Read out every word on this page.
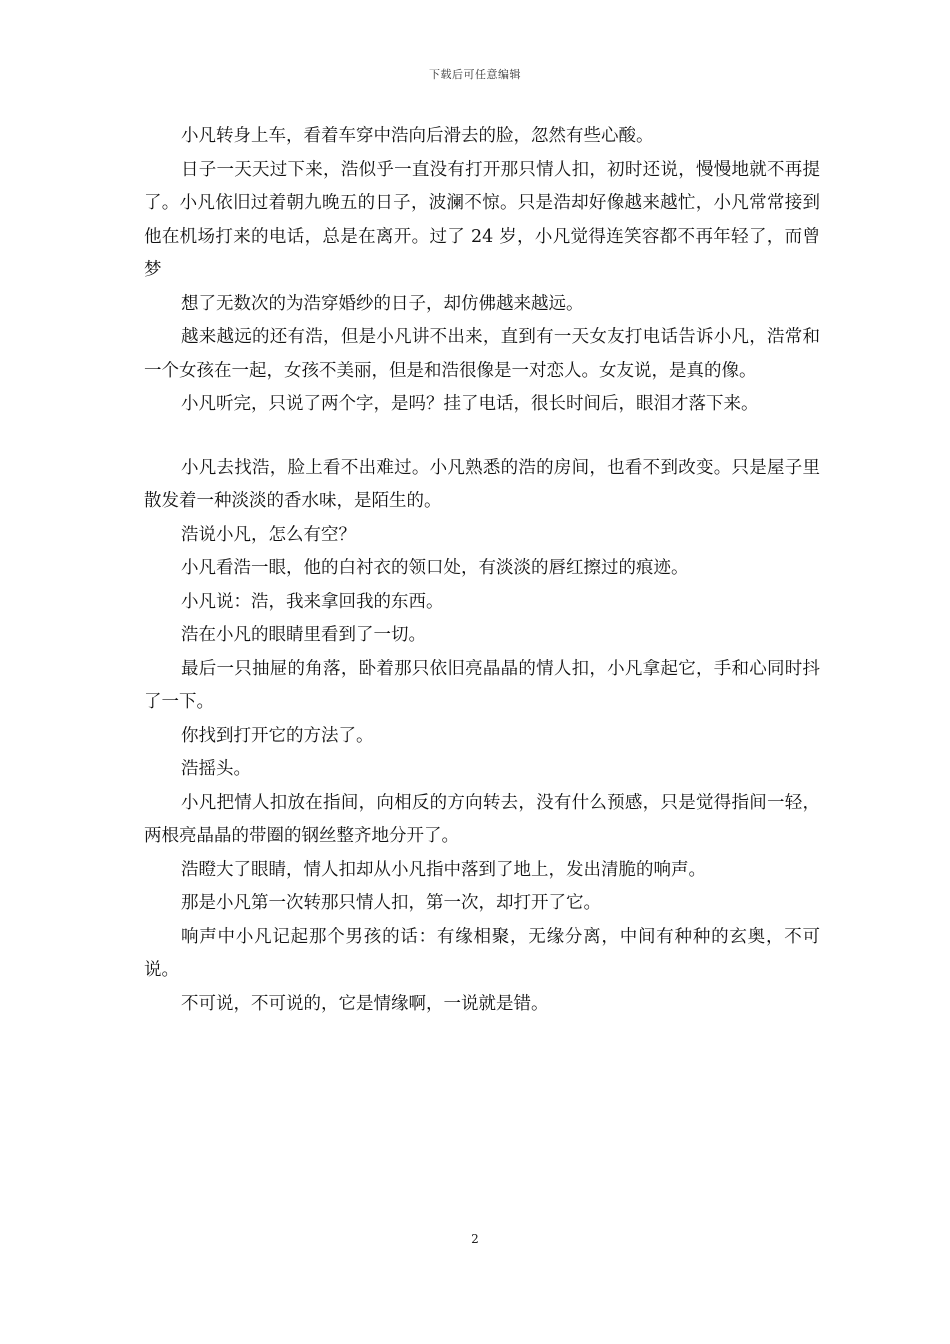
下载后可任意编辑

小凡转身上车，看着车穿中浩向后滑去的脸，忽然有些心酸。

日子一天天过下来，浩似乎一直没有打开那只情人扣，初时还说，慢慢地就不再提了。小凡依旧过着朝九晚五的日子，波澜不惊。只是浩却好像越来越忙，小凡常常接到他在机场打来的电话，总是在离开。过了 24 岁，小凡觉得连笑容都不再年轻了，而曾梦

想了无数次的为浩穿婚纱的日子，却仿佛越来越远。

越来越远的还有浩，但是小凡讲不出来，直到有一天女友打电话告诉小凡，浩常和一个女孩在一起，女孩不美丽，但是和浩很像是一对恋人。女友说，是真的像。

小凡听完，只说了两个字，是吗？挂了电话，很长时间后，眼泪才落下来。

小凡去找浩，脸上看不出难过。小凡熟悉的浩的房间，也看不到改变。只是屋子里散发着一种淡淡的香水味，是陌生的。

浩说小凡，怎么有空？

小凡看浩一眼，他的白衬衣的领口处，有淡淡的唇红擦过的痕迹。

小凡说：浩，我来拿回我的东西。

浩在小凡的眼睛里看到了一切。

最后一只抽屉的角落，卧着那只依旧亮晶晶的情人扣，小凡拿起它，手和心同时抖了一下。

你找到打开它的方法了。

浩摇头。

小凡把情人扣放在指间，向相反的方向转去，没有什么预感，只是觉得指间一轻，两根亮晶晶的带圈的钢丝整齐地分开了。

浩瞪大了眼睛，情人扣却从小凡指中落到了地上，发出清脆的响声。

那是小凡第一次转那只情人扣，第一次，却打开了它。

响声中小凡记起那个男孩的话：有缘相聚，无缘分离，中间有种种的玄奥，不可说。

不可说，不可说的，它是情缘啊，一说就是错。

2
